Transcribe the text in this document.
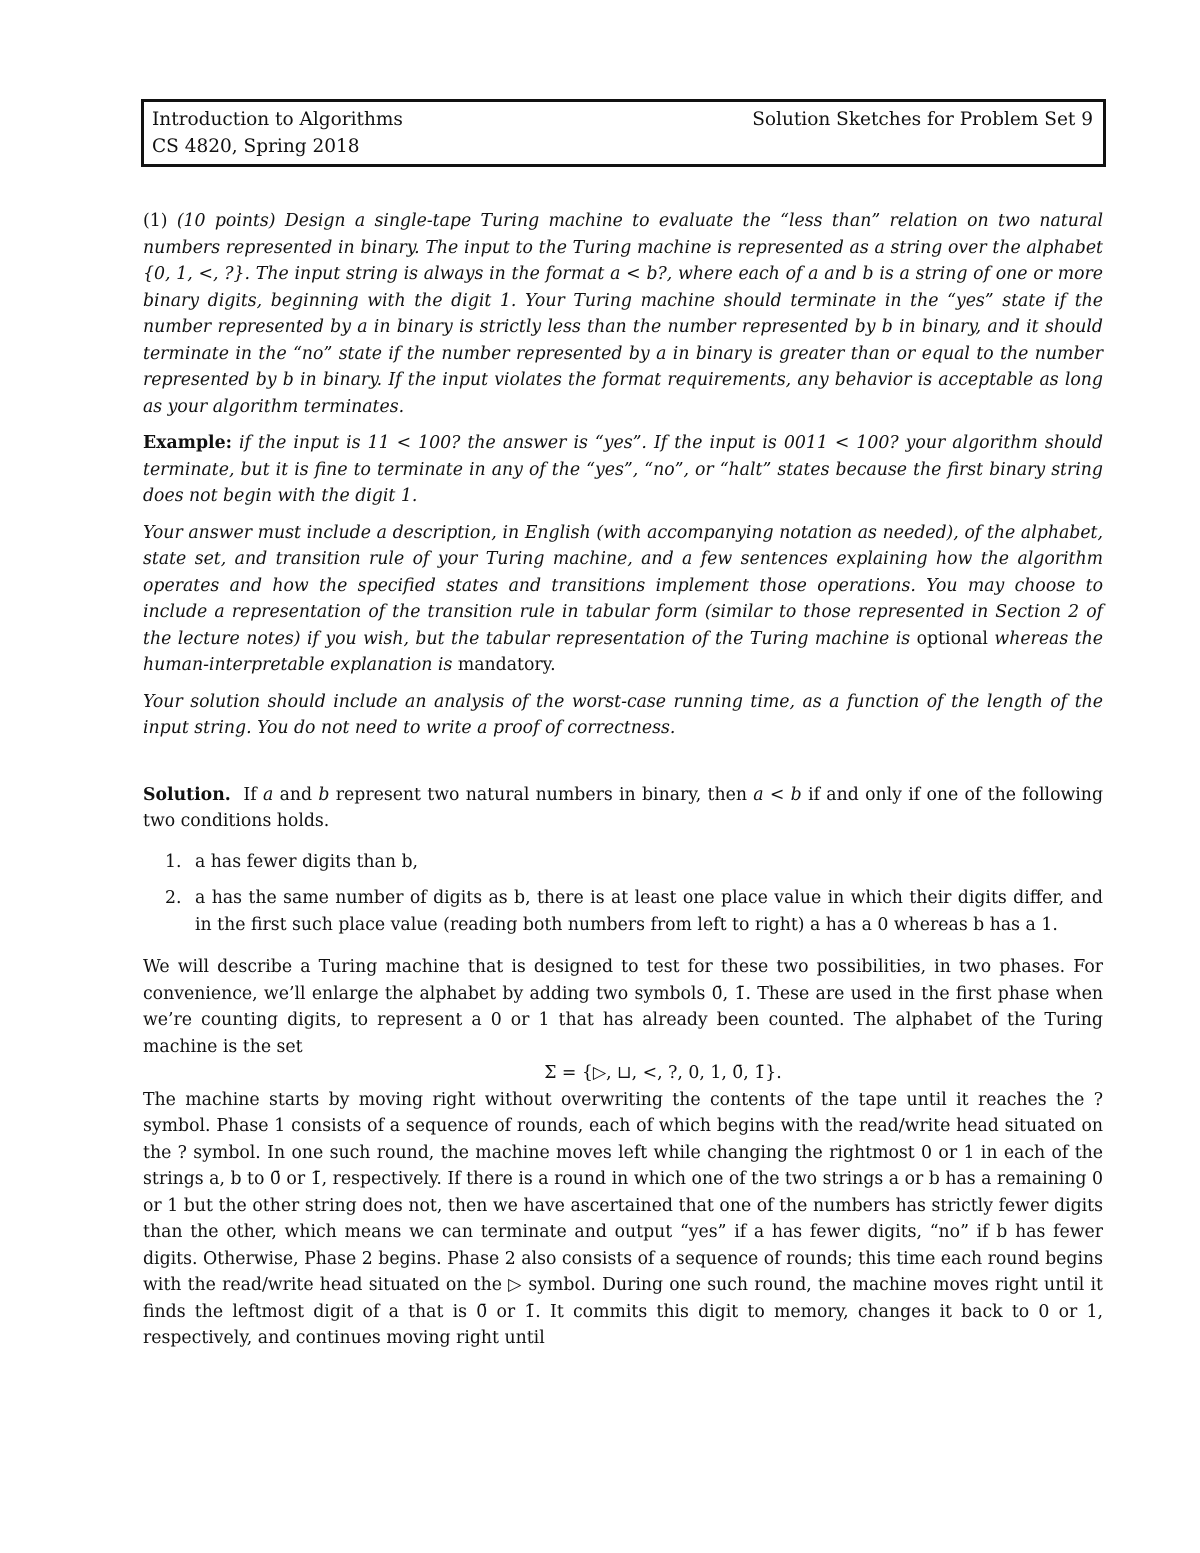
Introduction to Algorithms	Solution Sketches for Problem Set 9
CS 4820, Spring 2018

(1) (10 points) Design a single-tape Turing machine to evaluate the “less than” relation on two natural numbers represented in binary. The input to the Turing machine is represented as a string over the alphabet {0, 1, <, ?}. The input string is always in the format a < b?, where each of a and b is a string of one or more binary digits, beginning with the digit 1. Your Turing machine should terminate in the “yes” state if the number represented by a in binary is strictly less than the number represented by b in binary, and it should terminate in the “no” state if the number represented by a in binary is greater than or equal to the number represented by b in binary. If the input violates the format requirements, any behavior is acceptable as long as your algorithm terminates.

Example: if the input is 11 < 100? the answer is “yes”. If the input is 0011 < 100? your algorithm should terminate, but it is fine to terminate in any of the “yes”, “no”, or “halt” states because the first binary string does not begin with the digit 1.

Your answer must include a description, in English (with accompanying notation as needed), of the alphabet, state set, and transition rule of your Turing machine, and a few sentences explaining how the algorithm operates and how the specified states and transitions implement those operations. You may choose to include a representation of the transition rule in tabular form (similar to those represented in Section 2 of the lecture notes) if you wish, but the tabular representation of the Turing machine is optional whereas the human-interpretable explanation is mandatory.

Your solution should include an analysis of the worst-case running time, as a function of the length of the input string. You do not need to write a proof of correctness.

Solution. If a and b represent two natural numbers in binary, then a < b if and only if one of the following two conditions holds.

1. a has fewer digits than b,
2. a has the same number of digits as b, there is at least one place value in which their digits differ, and in the first such place value (reading both numbers from left to right) a has a 0 whereas b has a 1.

We will describe a Turing machine that is designed to test for these two possibilities, in two phases. For convenience, we’ll enlarge the alphabet by adding two symbols 0̄, 1̄. These are used in the first phase when we’re counting digits, to represent a 0 or 1 that has already been counted. The alphabet of the Turing machine is the set

Σ = {▷, ⊔, <, ?, 0, 1, 0̄, 1̄}.

The machine starts by moving right without overwriting the contents of the tape until it reaches the ? symbol. Phase 1 consists of a sequence of rounds, each of which begins with the read/write head situated on the ? symbol. In one such round, the machine moves left while changing the rightmost 0 or 1 in each of the strings a, b to 0̄ or 1̄, respectively. If there is a round in which one of the two strings a or b has a remaining 0 or 1 but the other string does not, then we have ascertained that one of the numbers has strictly fewer digits than the other, which means we can terminate and output “yes” if a has fewer digits, “no” if b has fewer digits. Otherwise, Phase 2 begins. Phase 2 also consists of a sequence of rounds; this time each round begins with the read/write head situated on the ▷ symbol. During one such round, the machine moves right until it finds the leftmost digit of a that is 0̄ or 1̄. It commits this digit to memory, changes it back to 0 or 1, respectively, and continues moving right until
